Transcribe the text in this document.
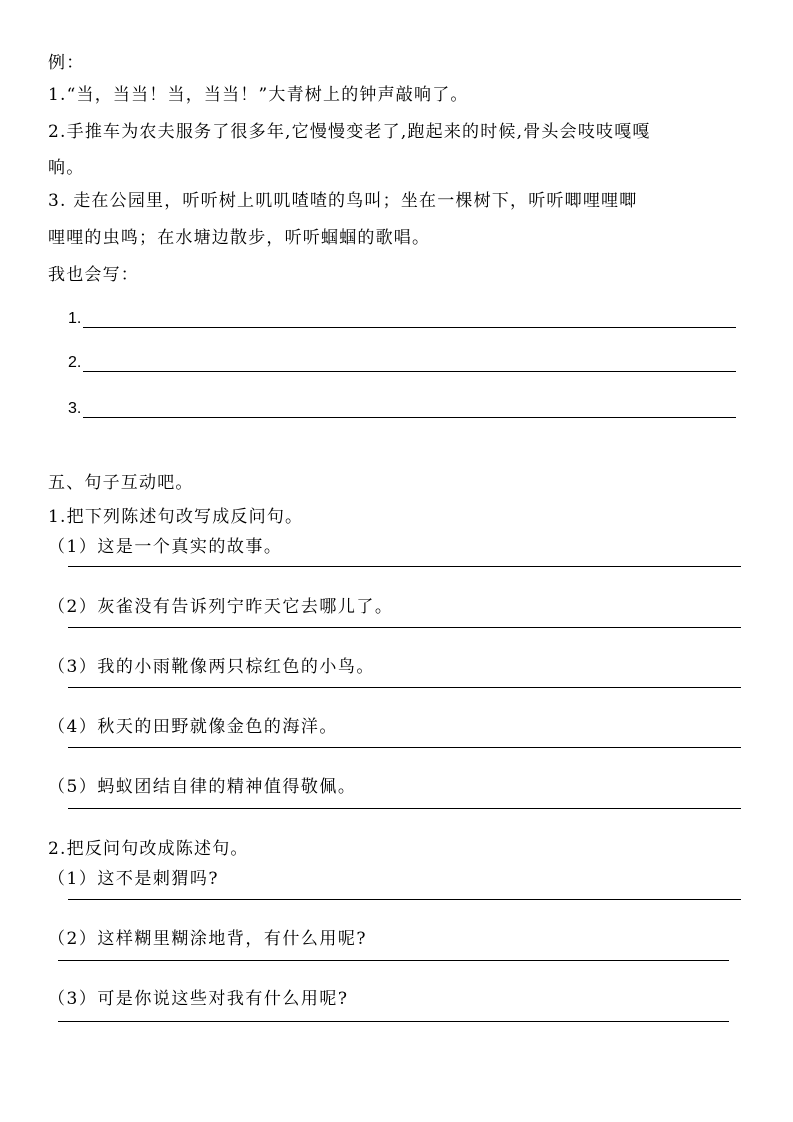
例：
1.“当，当当！当，当当！”大青树上的钟声敲响了。
2.手推车为农夫服务了很多年,它慢慢变老了,跑起来的时候,骨头会吱吱嘎嘎
响。
3. 走在公园里，听听树上叽叽喳喳的鸟叫；坐在一棵树下，听听唧哩哩唧
哩哩的虫鸣；在水塘边散步，听听蝈蝈的歌唱。
我也会写：
1.
2.
3.
五、句子互动吧。
1.把下列陈述句改写成反问句。
（1）这是一个真实的故事。
（2）灰雀没有告诉列宁昨天它去哪儿了。
（3）我的小雨靴像两只棕红色的小鸟。
（4）秋天的田野就像金色的海洋。
（5）蚂蚁团结自律的精神值得敬佩。
2.把反问句改成陈述句。
（1）这不是刺猬吗?
（2）这样糊里糊涂地背，有什么用呢?
（3）可是你说这些对我有什么用呢?
